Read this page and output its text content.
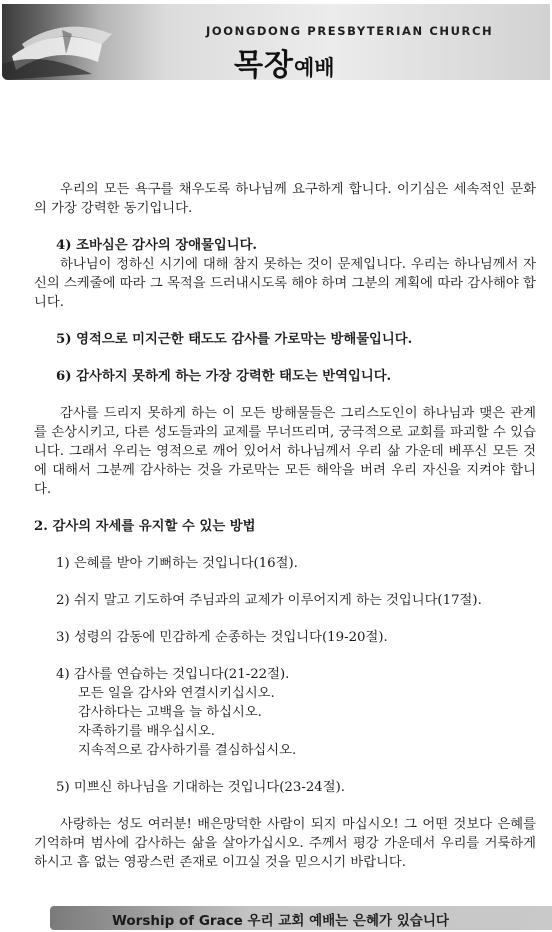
JOONGDONG PRESBYTERIAN CHURCH
목장예배

우리의 모든 욕구를 채우도록 하나님께 요구하게 합니다. 이기심은 세속적인 문화의 가장 강력한 동기입니다.

4) 조바심은 감사의 장애물입니다.

하나님이 정하신 시기에 대해 참지 못하는 것이 문제입니다. 우리는 하나님께서 자신의 스케줄에 따라 그 목적을 드러내시도록 해야 하며 그분의 계획에 따라 감사해야 합니다.

5) 영적으로 미지근한 태도도 감사를 가로막는 방해물입니다.

6) 감사하지 못하게 하는 가장 강력한 태도는 반역입니다.

감사를 드리지 못하게 하는 이 모든 방해물들은 그리스도인이 하나님과 맺은 관계를 손상시키고, 다른 성도들과의 교제를 무너뜨리며, 궁극적으로 교회를 파괴할 수 있습니다. 그래서 우리는 영적으로 깨어 있어서 하나님께서 우리 삶 가운데 베푸신 모든 것에 대해서 그분께 감사하는 것을 가로막는 모든 해악을 버려 우리 자신을 지켜야 합니다.

2. 감사의 자세를 유지할 수 있는 방법

1) 은혜를 받아 기뻐하는 것입니다(16절).

2) 쉬지 말고 기도하여 주님과의 교제가 이루어지게 하는 것입니다(17절).

3) 성령의 감동에 민감하게 순종하는 것입니다(19-20절).

4) 감사를 연습하는 것입니다(21-22절).

모든 일을 감사와 연결시키십시오.

감사하다는 고백을 늘 하십시오.

자족하기를 배우십시오.

지속적으로 감사하기를 결심하십시오.

5) 미쁘신 하나님을 기대하는 것입니다(23-24절).

사랑하는 성도 여러분! 배은망덕한 사람이 되지 마십시오! 그 어떤 것보다 은혜를 기억하며 범사에 감사하는 삶을 살아가십시오. 주께서 평강 가운데서 우리를 거룩하게 하시고 흠 없는 영광스런 존재로 이끄실 것을 믿으시기 바랍니다.

Worship of Grace 우리 교회 예배는 은혜가 있습니다
